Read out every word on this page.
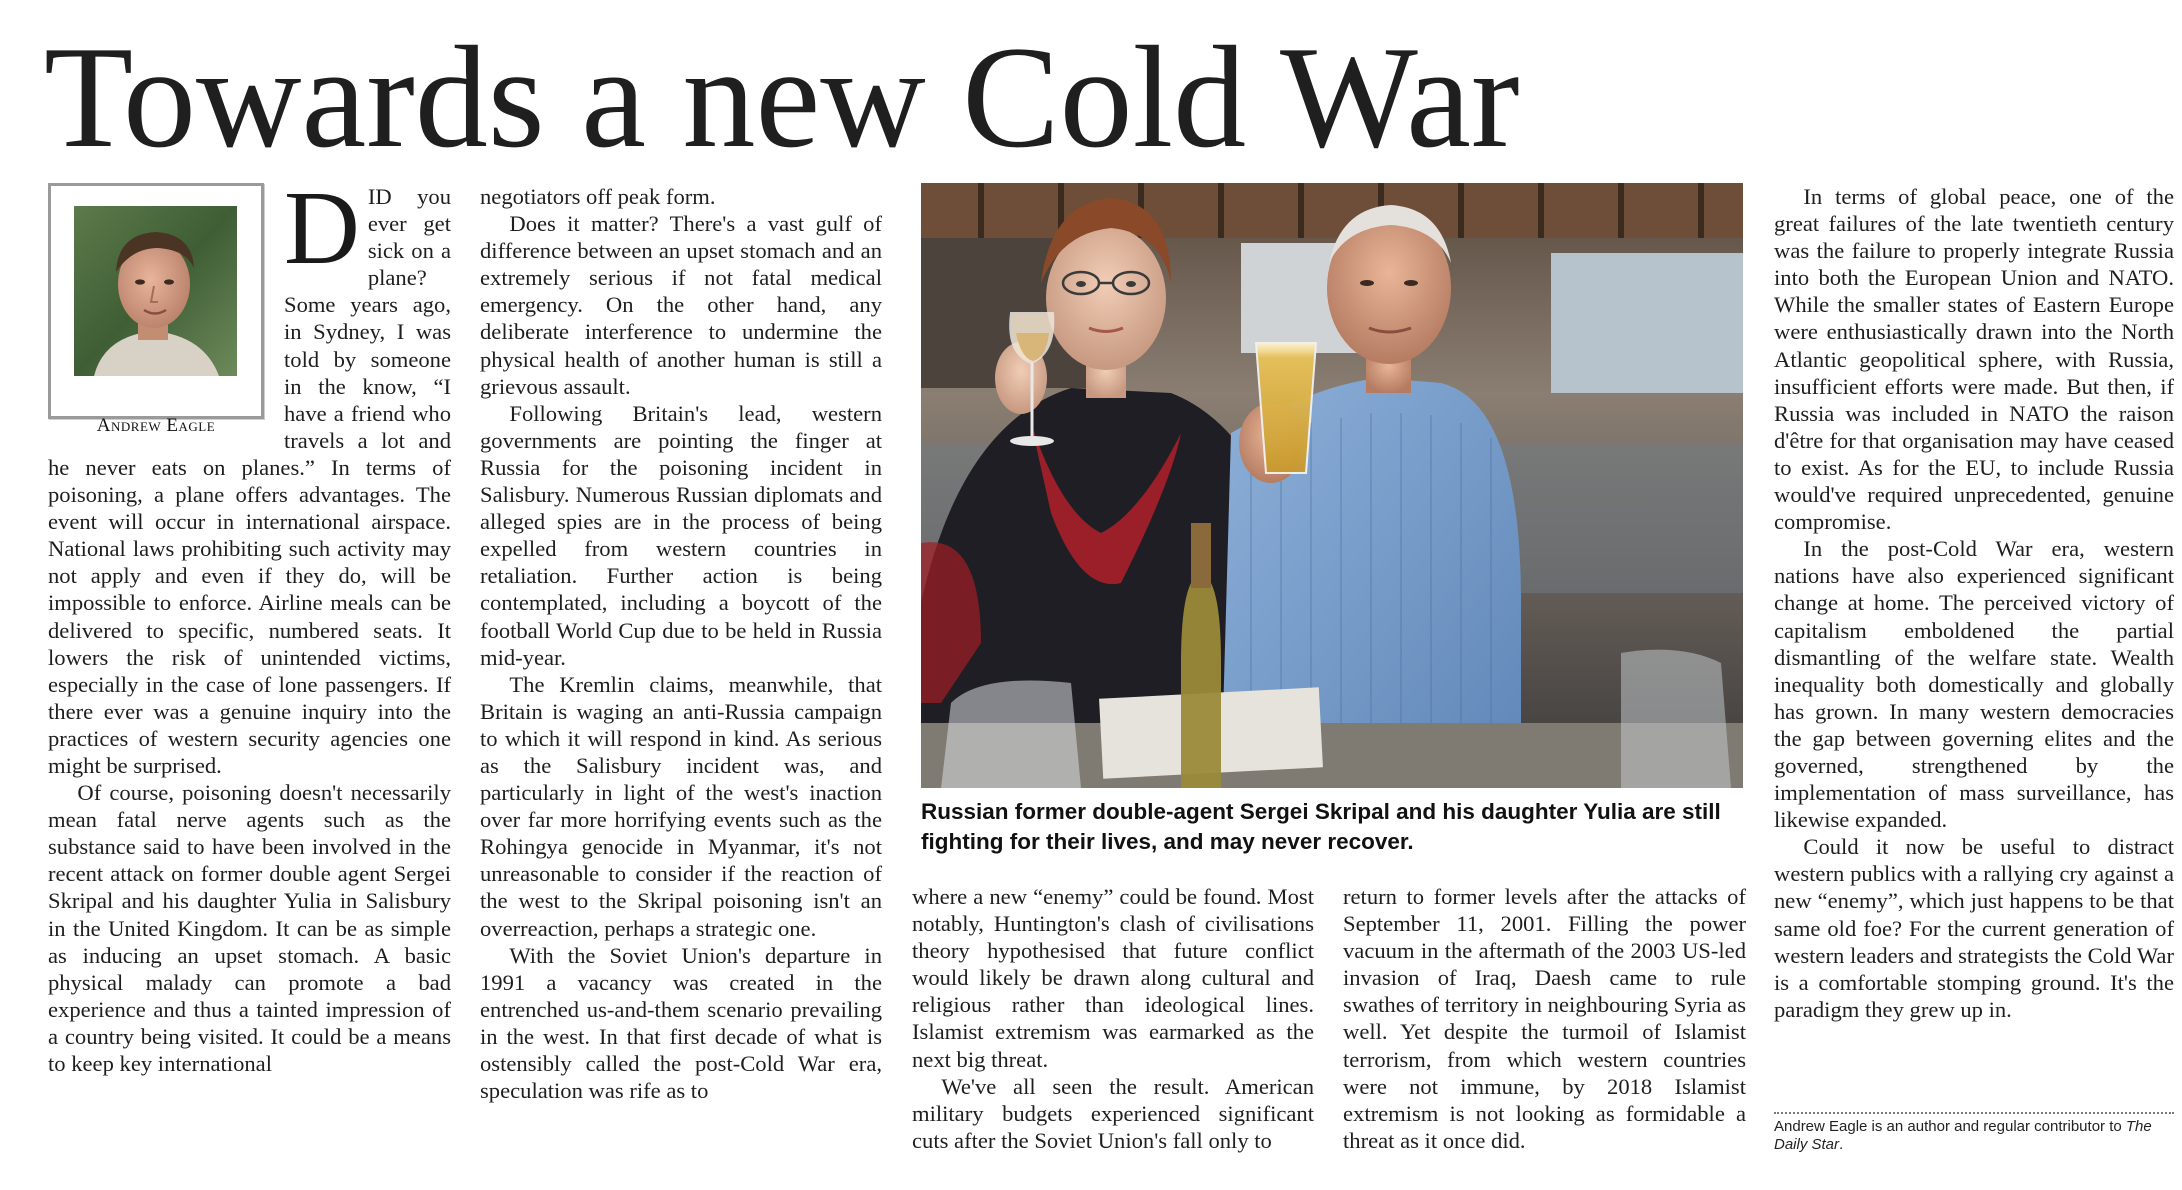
Towards a new Cold War
Andrew Eagle
D ID you ever get sick on a plane? Some years ago, in Sydney, I was told by someone in the know, “I have a friend who travels a lot and he never eats on planes.” In terms of poisoning, a plane offers advantages. The event will occur in international airspace. National laws prohibiting such activity may not apply and even if they do, will be impossible to enforce. Airline meals can be delivered to specific, numbered seats. It lowers the risk of unintended victims, especially in the case of lone passengers. If there ever was a genuine inquiry into the practices of western security agencies one might be surprised.

Of course, poisoning doesn't necessarily mean fatal nerve agents such as the substance said to have been involved in the recent attack on former double agent Sergei Skripal and his daughter Yulia in Salisbury in the United Kingdom. It can be as simple as inducing an upset stomach. A basic physical malady can promote a bad experience and thus a tainted impression of a country being visited. It could be a means to keep key international

negotiators off peak form.

Does it matter? There's a vast gulf of difference between an upset stomach and an extremely serious if not fatal medical emergency. On the other hand, any deliberate interference to undermine the physical health of another human is still a grievous assault.

Following Britain's lead, western governments are pointing the finger at Russia for the poisoning incident in Salisbury. Numerous Russian diplomats and alleged spies are in the process of being expelled from western countries in retaliation. Further action is being contemplated, including a boycott of the football World Cup due to be held in Russia mid-year.

The Kremlin claims, meanwhile, that Britain is waging an anti-Russia campaign to which it will respond in kind. As serious as the Salisbury incident was, and particularly in light of the west's inaction over far more horrifying events such as the Rohingya genocide in Myanmar, it's not unreasonable to consider if the reaction of the west to the Skripal poisoning isn't an overreaction, perhaps a strategic one.

With the Soviet Union's departure in 1991 a vacancy was created in the entrenched us-and-them scenario prevailing in the west. In that first decade of what is ostensibly called the post-Cold War era, speculation was rife as to

Russian former double-agent Sergei Skripal and his daughter Yulia are still fighting for their lives, and may never recover.

where a new “enemy” could be found. Most notably, Huntington's clash of civilisations theory hypothesised that future conflict would likely be drawn along cultural and religious rather than ideological lines. Islamist extremism was earmarked as the next big threat.

We've all seen the result. American military budgets experienced significant cuts after the Soviet Union's fall only to

return to former levels after the attacks of September 11, 2001. Filling the power vacuum in the aftermath of the 2003 US-led invasion of Iraq, Daesh came to rule swathes of territory in neighbouring Syria as well. Yet despite the turmoil of Islamist terrorism, from which western countries were not immune, by 2018 Islamist extremism is not looking as formidable a threat as it once did.

In terms of global peace, one of the great failures of the late twentieth century was the failure to properly integrate Russia into both the European Union and NATO. While the smaller states of Eastern Europe were enthusiastically drawn into the North Atlantic geopolitical sphere, with Russia, insufficient efforts were made. But then, if Russia was included in NATO the raison d'être for that organisation may have ceased to exist. As for the EU, to include Russia would've required unprecedented, genuine compromise.

In the post-Cold War era, western nations have also experienced significant change at home. The perceived victory of capitalism emboldened the partial dismantling of the welfare state. Wealth inequality both domestically and globally has grown. In many western democracies the gap between governing elites and the governed, strengthened by the implementation of mass surveillance, has likewise expanded.

Could it now be useful to distract western publics with a rallying cry against a new “enemy”, which just happens to be that same old foe? For the current generation of western leaders and strategists the Cold War is a comfortable stomping ground. It's the paradigm they grew up in.

Andrew Eagle is an author and regular contributor to The Daily Star.
